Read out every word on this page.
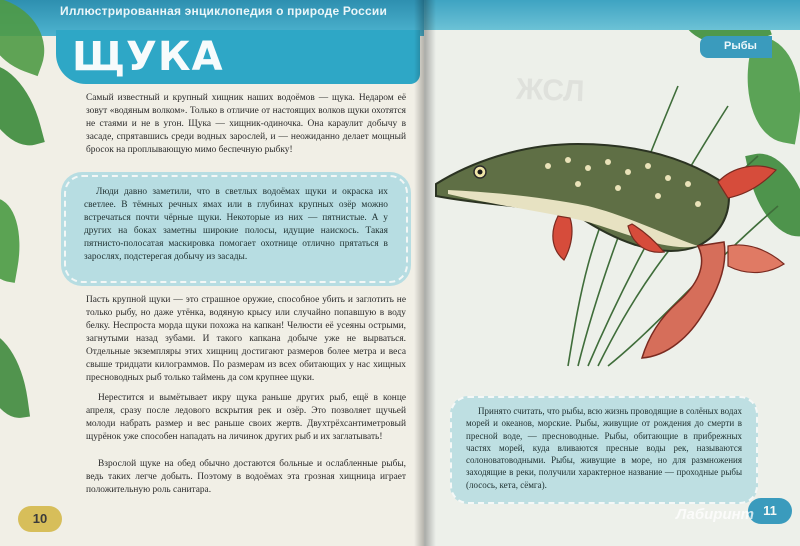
Иллюстрированная энциклопедия о природе России
ЩУКА
Самый известный и крупный хищник наших водоёмов — щука. Недаром её зовут «водяным волком». Только в отличие от настоящих волков щуки охотятся не стаями и не в угон. Щука — хищник-одиночка. Она караулит добычу в засаде, спрятавшись среди водных зарослей, и — неожиданно делает мощный бросок на проплывающую мимо беспечную рыбку!
Люди давно заметили, что в светлых водоёмах щуки и окраска их светлее. В тёмных речных ямах или в глубинах крупных озёр можно встречаться почти чёрные щуки. Некоторые из них — пятнистые. А у других на боках заметны широкие полосы, идущие наискось. Такая пятнисто-полосатая маскировка помогает охотнице отлично прятаться в зарослях, подстерегая добычу из засады.
Пасть крупной щуки — это страшное оружие, способное убить и заглотить не только рыбу, но даже утёнка, водяную крысу или случайно попавшую в воду белку. Неспроста морда щуки похожа на капкан! Челюсти её усеяны острыми, загнутыми назад зубами. И такого капкана добыче уже не вырваться. Отдельные экземпляры этих хищниц достигают размеров более метра и веса свыше тридцати килограммов. По размерам из всех обитающих у нас хищных пресноводных рыб только таймень да сом крупнее щуки.
Нерестится и вымётывает икру щука раньше других рыб, ещё в конце апреля, сразу после ледового вскрытия рек и озёр. Это позволяет щучьей молоди набрать размер и вес раньше своих жертв. Двухтрёхсантиметровый щурёнок уже способен нападать на личинок других рыб и их заглатывать!
Взрослой щуке на обед обычно достаются больные и ослабленные рыбы, ведь таких легче добыть. Поэтому в водоёмах эта грозная хищница играет положительную роль санитара.
10
Рыбы
ЖСЛ
Принято считать, что рыбы, всю жизнь проводящие в солёных водах морей и океанов, морские. Рыбы, живущие от рождения до смерти в пресной воде, — пресноводные. Рыбы, обитающие в прибрежных частях морей, куда вливаются пресные воды рек, называются солоноватоводными. Рыбы, живущие в море, но для размножения заходящие в реки, получили характерное название — проходные рыбы (лосось, кета, сёмга).
11
Лабиринт
